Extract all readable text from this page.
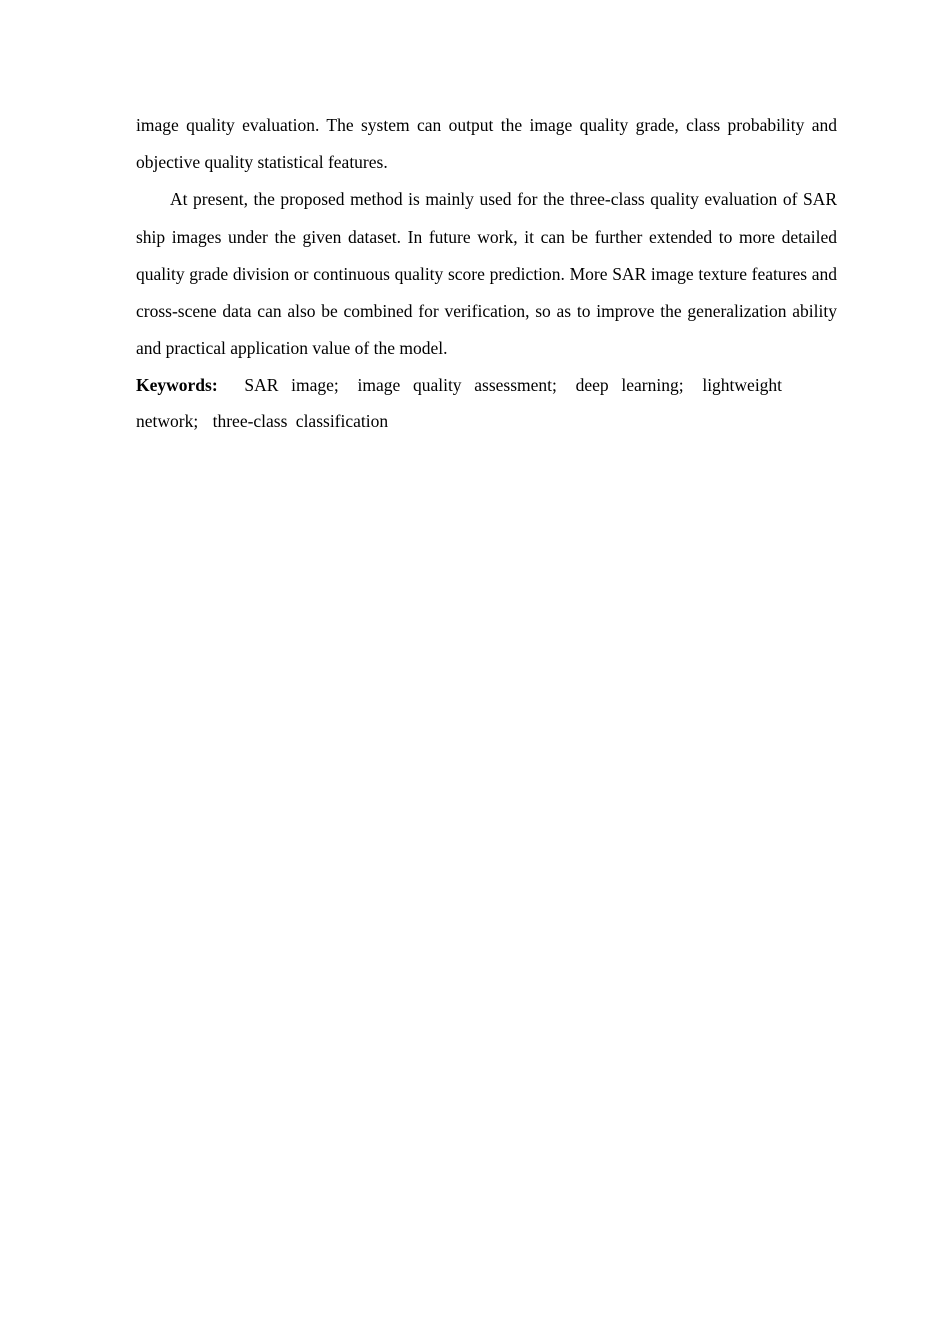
image quality evaluation. The system can output the image quality grade, class probability and objective quality statistical features.

At present, the proposed method is mainly used for the three-class quality evaluation of SAR ship images under the given dataset. In future work, it can be further extended to more detailed quality grade division or continuous quality score prediction. More SAR image texture features and cross-scene data can also be combined for verification, so as to improve the generalization ability and practical application value of the model.

Keywords: SAR image; image quality assessment; deep learning; lightweight network; three-class classification
